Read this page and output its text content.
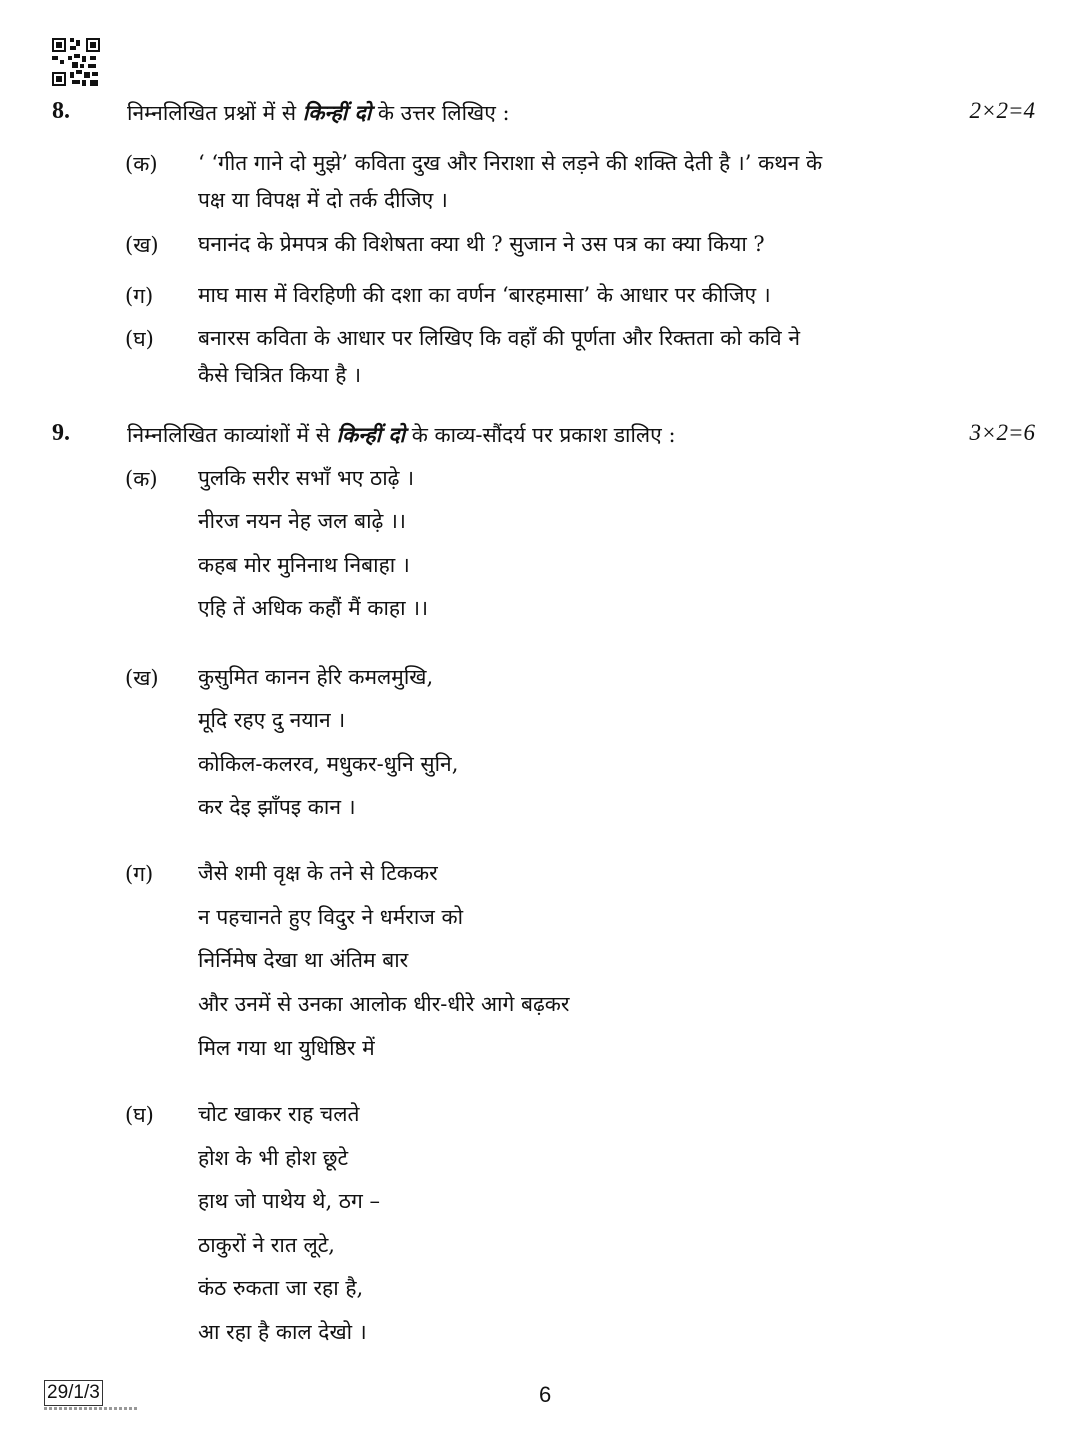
8.	निम्नलिखित प्रश्नों में से किन्हीं दो के उत्तर लिखिए :	2×2=4
(क) ‘ ‘गीत गाने दो मुझे’ कविता दुख और निराशा से लड़ने की शक्ति देती है ।’ कथन के
पक्ष या विपक्ष में दो तर्क दीजिए ।
(ख) घनानंद के प्रेमपत्र की विशेषता क्या थी ? सुजान ने उस पत्र का क्या किया ?
(ग) माघ मास में विरहिणी की दशा का वर्णन ‘बारहमासा’ के आधार पर कीजिए ।
(घ) बनारस कविता के आधार पर लिखिए कि वहाँ की पूर्णता और रिक्तता को कवि ने
कैसे चित्रित किया है ।
9.	निम्नलिखित काव्यांशों में से किन्हीं दो के काव्य-सौंदर्य पर प्रकाश डालिए :	3×2=6
(क) पुलकि सरीर सभाँ भए ठाढ़े ।
नीरज नयन नेह जल बाढ़े ।।
कहब मोर मुनिनाथ निबाहा ।
एहि तें अधिक कहौं मैं काहा ।।
(ख) कुसुमित कानन हेरि कमलमुखि,
मूदि रहए दु नयान ।
कोकिल-कलरव, मधुकर-धुनि सुनि,
कर देइ झाँपइ कान ।
(ग) जैसे शमी वृक्ष के तने से टिककर
न पहचानते हुए विदुर ने धर्मराज को
निर्निमेष देखा था अंतिम बार
और उनमें से उनका आलोक धीर-धीरे आगे बढ़कर
मिल गया था युधिष्ठिर में
(घ) चोट खाकर राह चलते
होश के भी होश छूटे
हाथ जो पाथेय थे, ठग –
ठाकुरों ने रात लूटे,
कंठ रुकता जा रहा है,
आ रहा है काल देखो ।
29/1/3	6
